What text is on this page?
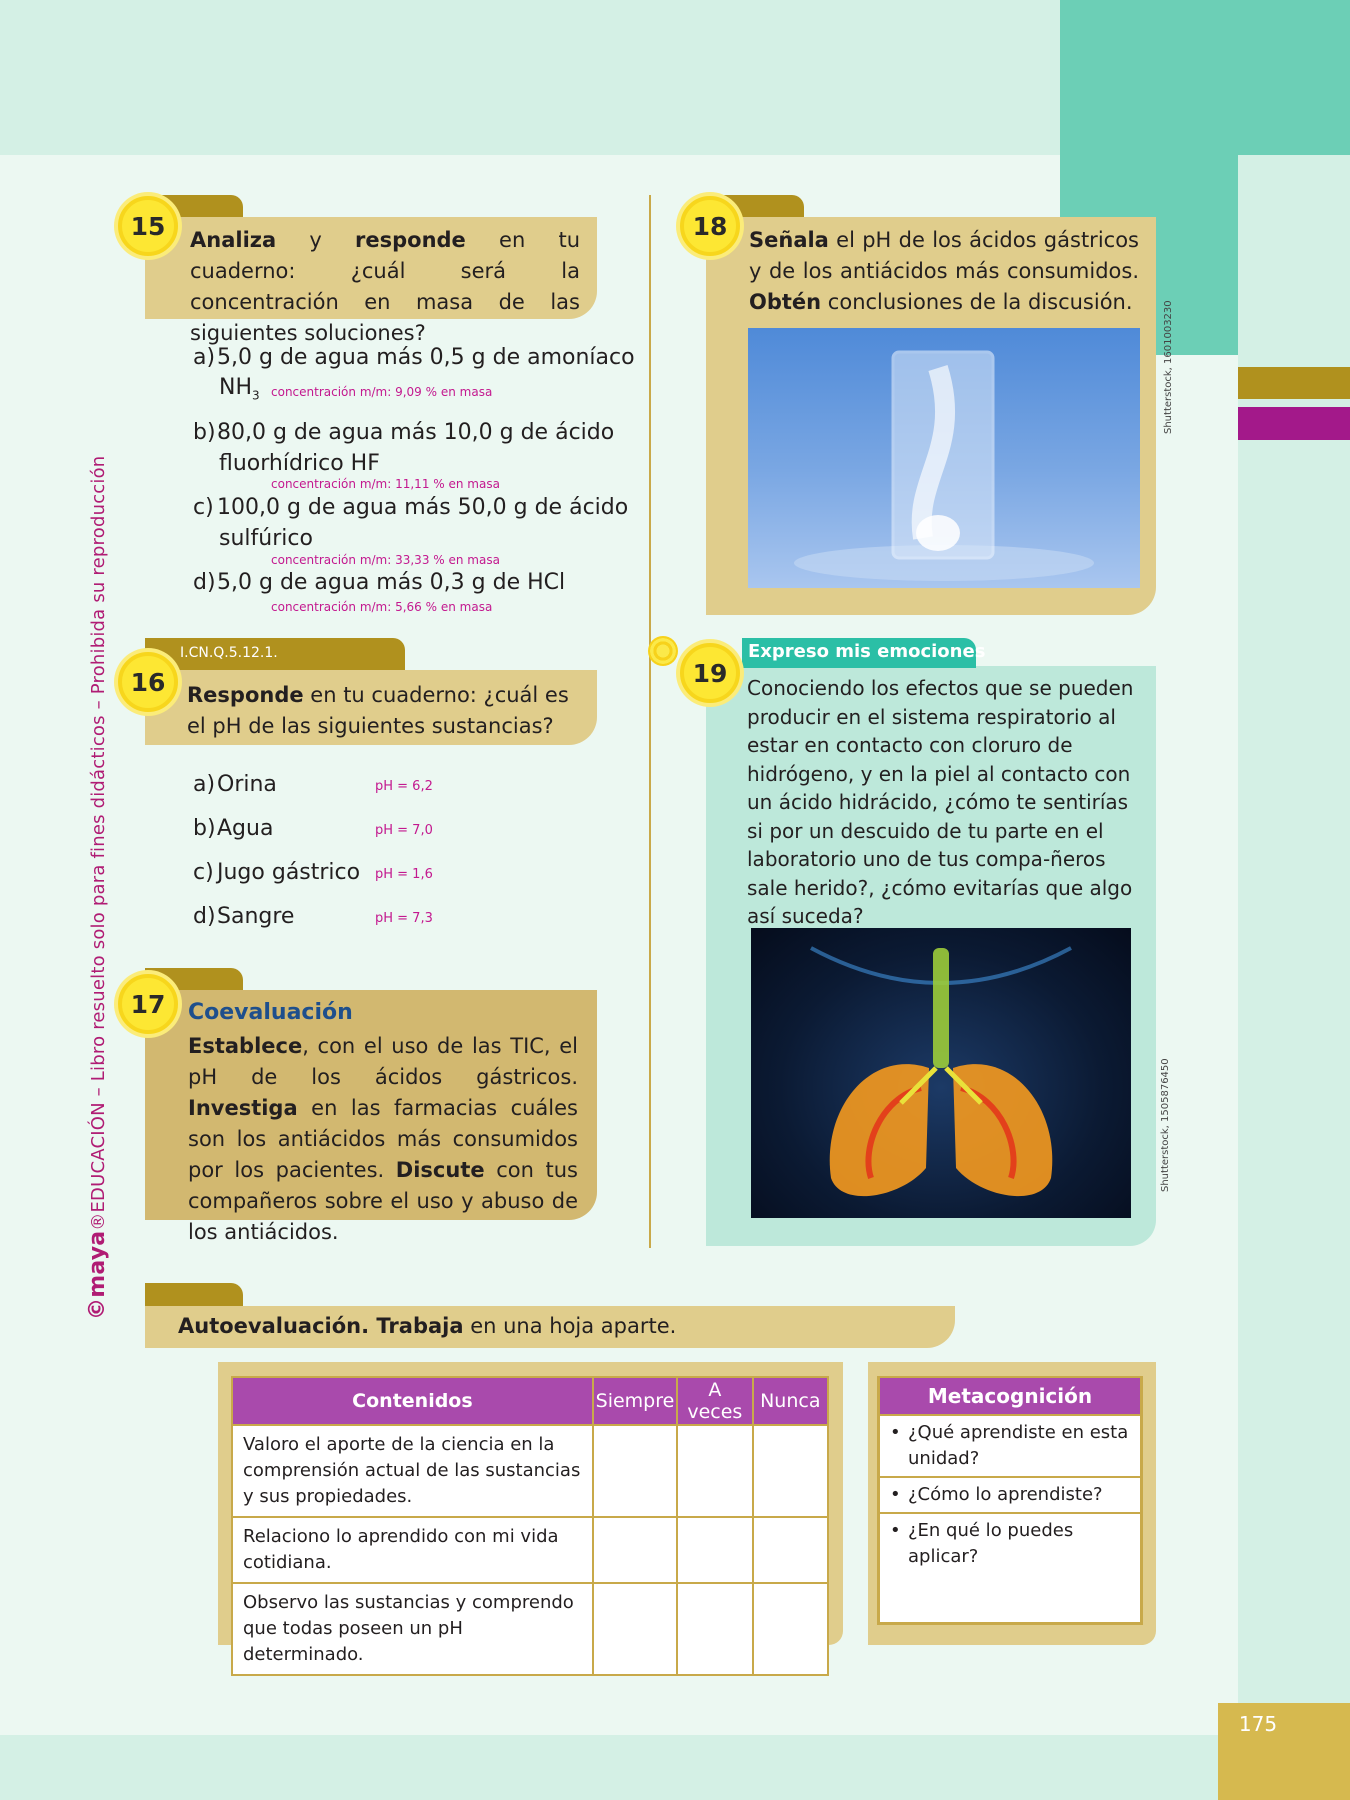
175
©maya®EDUCACIÓN – Libro resuelto solo para fines didácticos – Prohibida su reproducción
15	Analiza y responde en tu cuaderno: ¿cuál será la concentración en masa de las siguientes soluciones?
a)5,0 g de agua más 0,5 g de amoníaco
$NH_3$ concentración m/m: 9,09 % en masa
b)80,0 g de agua más 10,0 g de ácido
fluorhídrico HF
concentración m/m: 11,11 % en masa
c) 100,0 g de agua más 50,0 g de ácido
sulfúrico
concentración m/m: 33,33 % en masa
d)5,0 g de agua más 0,3 g de HCl
concentración m/m: 5,66 % en masa
I.CN.Q.5.12.1.
16	Responde en tu cuaderno: ¿cuál es el pH de las siguientes sustancias?
a)Orina	pH = 6,2
b)Agua	pH = 7,0
c) Jugo gástrico pH = 1,6
d)Sangre	pH = 7,3
17	Coevaluación
Establece, con el uso de las TIC, el pH de los ácidos gástricos. Investiga en las farmacias cuáles son los antiácidos más consumidos por los pacientes. Discute con tus compañeros sobre el uso y abuso de los antiácidos.
18	Señala el pH de los ácidos gástricos y de los antiácidos más consumidos. Obtén conclusiones de la discusión.	Shutterstock, 1601003230
Expreso mis emociones
19
Conociendo los efectos que se pueden producir en el sistema respiratorio al estar en contacto con cloruro de hidrógeno, y en la piel al contacto con un ácido hidrácido, ¿cómo te sentirías si por un descuido de tu parte en el laboratorio uno de tus compa-ñeros sale herido?, ¿cómo evitarías que algo así suceda?
Shutterstock, 1505876450
Autoevaluación. Trabaja en una hoja aparte.
Contenidos	Siempre	A veces	Nunca
Valoro el aporte de la ciencia en la comprensión actual de las sustancias y sus propiedades.			
Relaciono lo aprendido con mi vida cotidiana.			
Observo las sustancias y comprendo que todas poseen un pH determinado.			
Metacognición

• ¿Qué aprendiste en esta unidad?

• ¿Cómo lo aprendiste?

• ¿En qué lo puedes aplicar?
